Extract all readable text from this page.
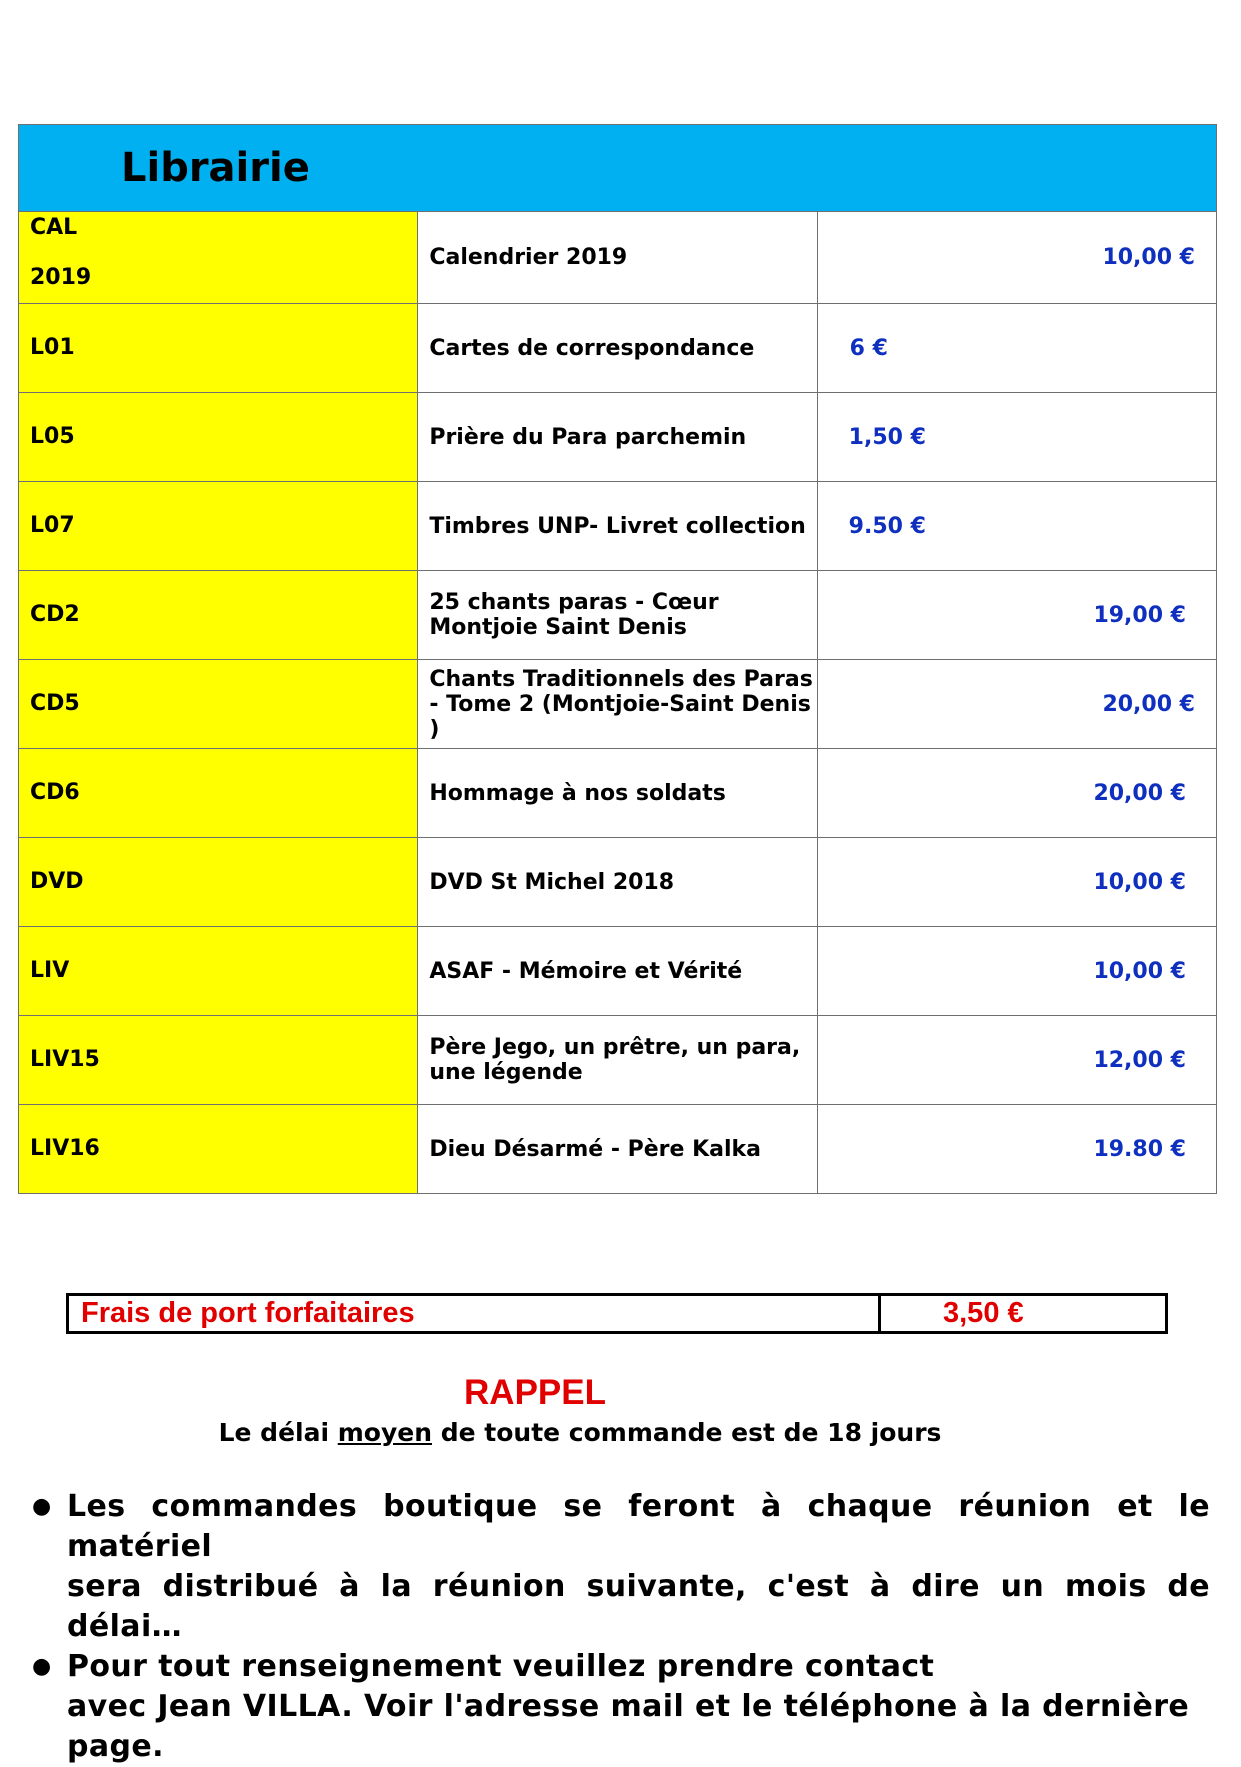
Librairie		
CAL
2019	Calendrier 2019	10,00 €
L01	Cartes de correspondance	6 €
L05	Prière du Para parchemin	1,50 €
L07	Timbres UNP- Livret collection	9.50 €
CD2	25 chants paras - Cœur Montjoie Saint Denis	19,00 €
CD5	Chants Traditionnels des Paras - Tome 2 (Montjoie-Saint Denis )	20,00 €
CD6	Hommage à nos soldats	20,00 €
DVD	DVD St Michel 2018	10,00 €
LIV	ASAF - Mémoire et Vérité	10,00 €
LIV15	Père Jego, un prêtre, un para, une légende	12,00 €
LIV16	Dieu Désarmé - Père Kalka	19.80 €
Frais de port forfaitaires	3,50 €
RAPPEL
Le délai moyen de toute commande est de 18 jours
● Les commandes boutique se feront à chaque réunion et le matériel
sera distribué à la réunion suivante, c'est à dire un mois de délai…
● Pour tout renseignement veuillez prendre contact
avec Jean VILLA. Voir l'adresse mail et le téléphone à la dernière
page.
